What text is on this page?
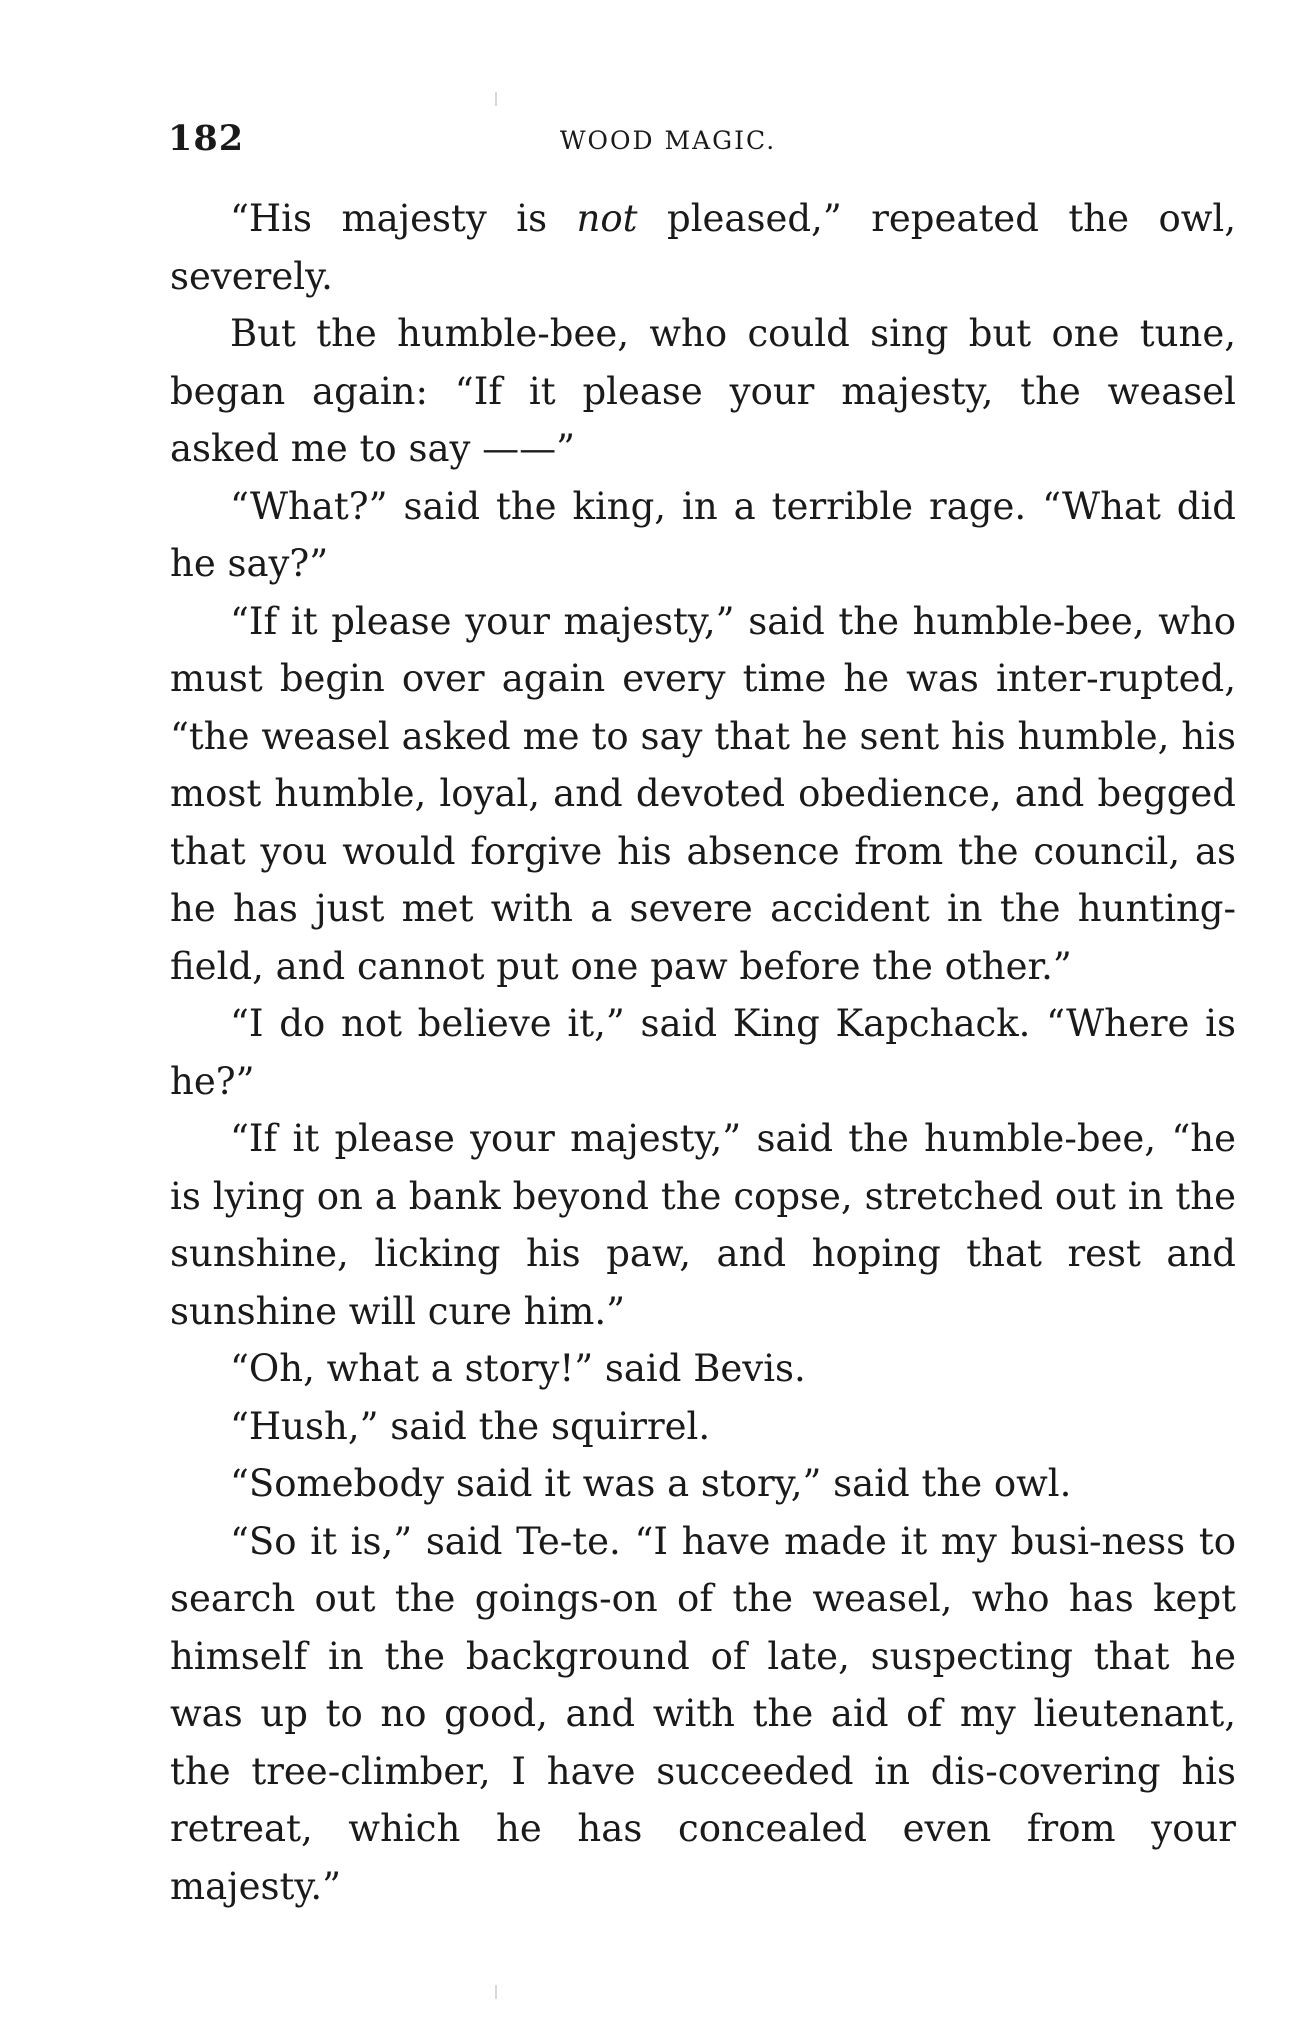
182	WOOD MAGIC.

“His majesty is not pleased,” repeated the owl, severely.

But the humble-bee, who could sing but one tune, began again: “If it please your majesty, the weasel asked me to say ——”

“What?” said the king, in a terrible rage. “What did he say?”

“If it please your majesty,” said the humble-bee, who must begin over again every time he was inter-rupted, “the weasel asked me to say that he sent his humble, his most humble, loyal, and devoted obedience, and begged that you would forgive his absence from the council, as he has just met with a severe accident in the hunting-field, and cannot put one paw before the other.”

“I do not believe it,” said King Kapchack. “Where is he?”

“If it please your majesty,” said the humble-bee, “he is lying on a bank beyond the copse, stretched out in the sunshine, licking his paw, and hoping that rest and sunshine will cure him.”

“Oh, what a story!” said Bevis.

“Hush,” said the squirrel.

“Somebody said it was a story,” said the owl.

“So it is,” said Te-te. “I have made it my busi-ness to search out the goings-on of the weasel, who has kept himself in the background of late, suspecting that he was up to no good, and with the aid of my lieutenant, the tree-climber, I have succeeded in dis-covering his retreat, which he has concealed even from your majesty.”
